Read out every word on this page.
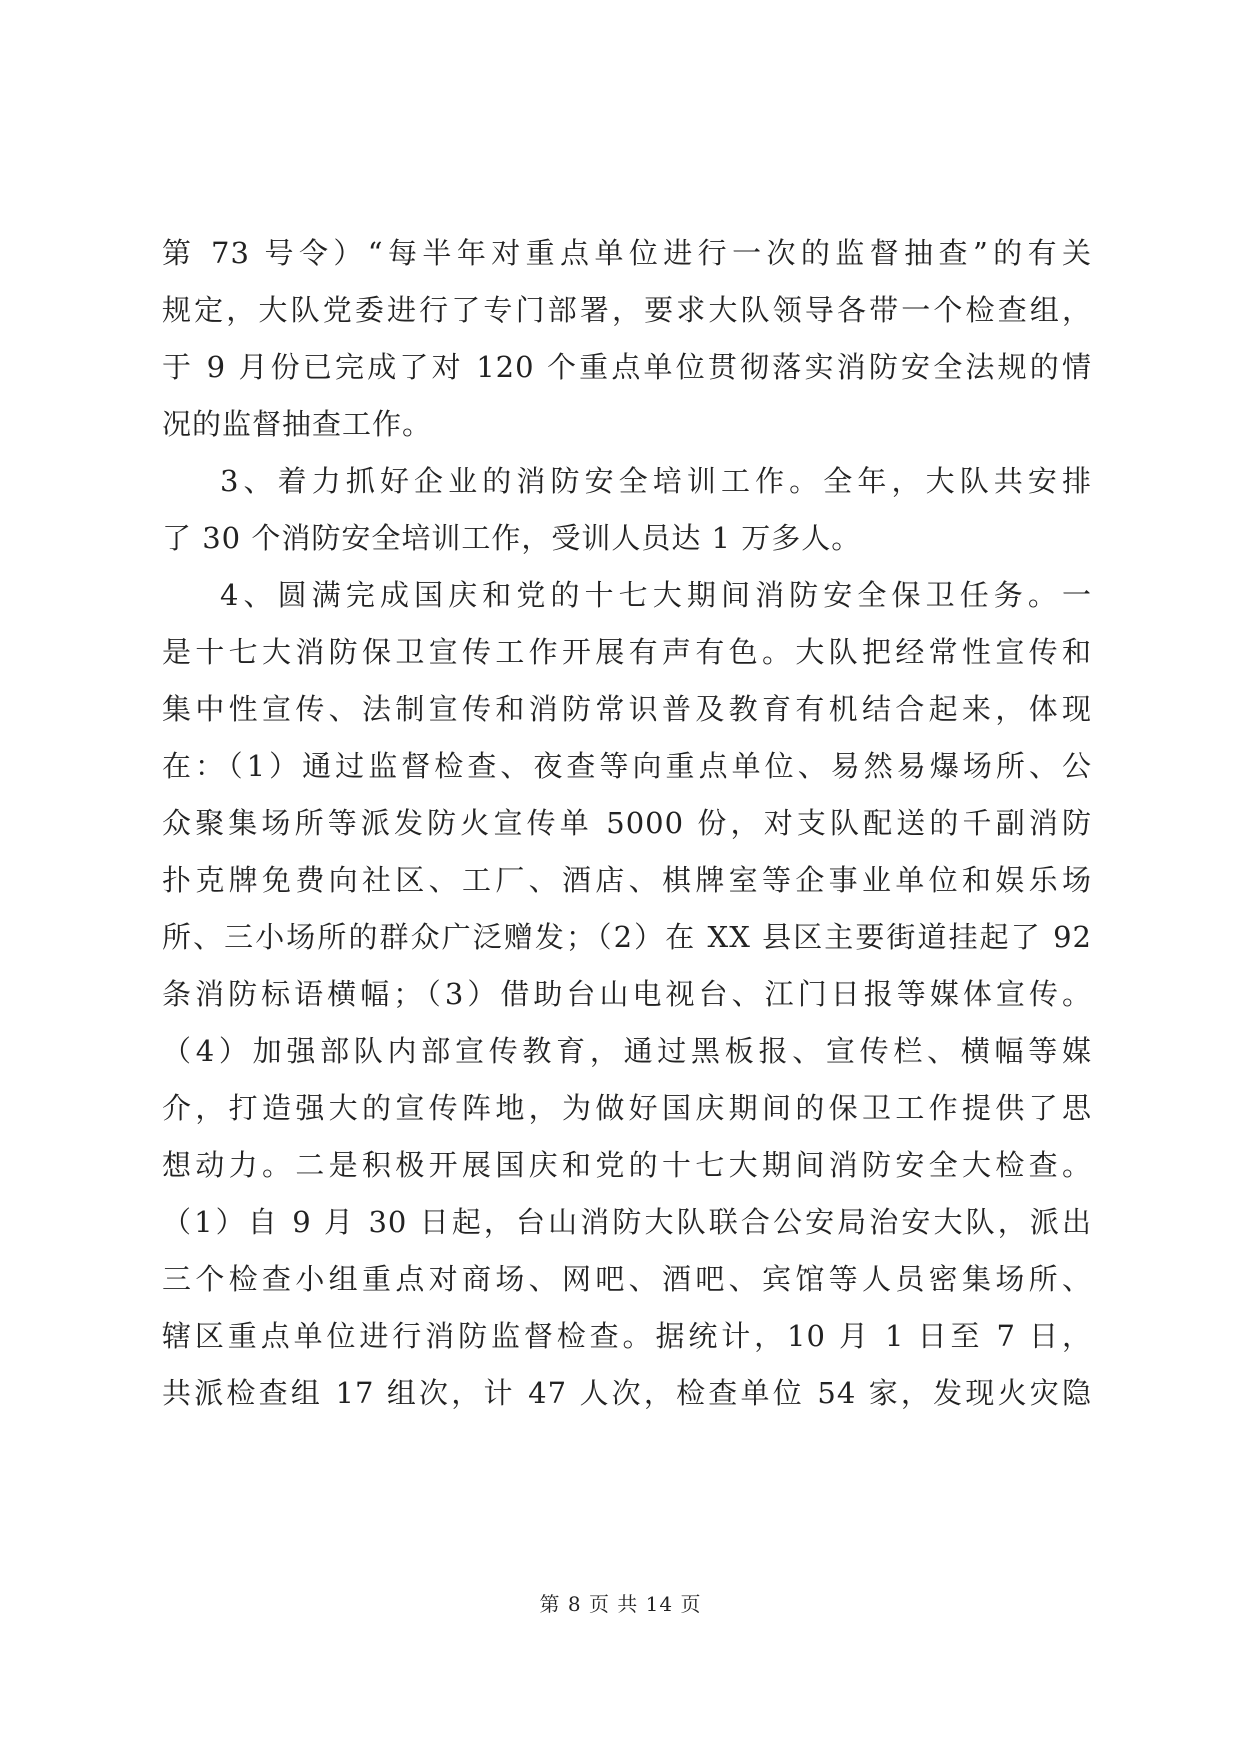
第 73 号令）“每半年对重点单位进行一次的监督抽查”的有关
规定，大队党委进行了专门部署，要求大队领导各带一个检查组，
于 9 月份已完成了对 120 个重点单位贯彻落实消防安全法规的情
况的监督抽查工作。
3、着力抓好企业的消防安全培训工作。全年，大队共安排
了 30 个消防安全培训工作，受训人员达 1 万多人。
4、圆满完成国庆和党的十七大期间消防安全保卫任务。一
是十七大消防保卫宣传工作开展有声有色。大队把经常性宣传和
集中性宣传、法制宣传和消防常识普及教育有机结合起来，体现
在：（1）通过监督检查、夜查等向重点单位、易然易爆场所、公
众聚集场所等派发防火宣传单 5000 份，对支队配送的千副消防
扑克牌免费向社区、工厂、酒店、棋牌室等企事业单位和娱乐场
所、三小场所的群众广泛赠发；（2）在 XX 县区主要街道挂起了 92
条消防标语横幅；（3）借助台山电视台、江门日报等媒体宣传。
（4）加强部队内部宣传教育，通过黑板报、宣传栏、横幅等媒
介，打造强大的宣传阵地，为做好国庆期间的保卫工作提供了思
想动力。二是积极开展国庆和党的十七大期间消防安全大检查。
（1）自 9 月 30 日起，台山消防大队联合公安局治安大队，派出
三个检查小组重点对商场、网吧、酒吧、宾馆等人员密集场所、
辖区重点单位进行消防监督检查。据统计，10 月 1 日至 7 日，
共派检查组 17 组次，计 47 人次，检查单位 54 家，发现火灾隐
第 8 页 共 14 页
